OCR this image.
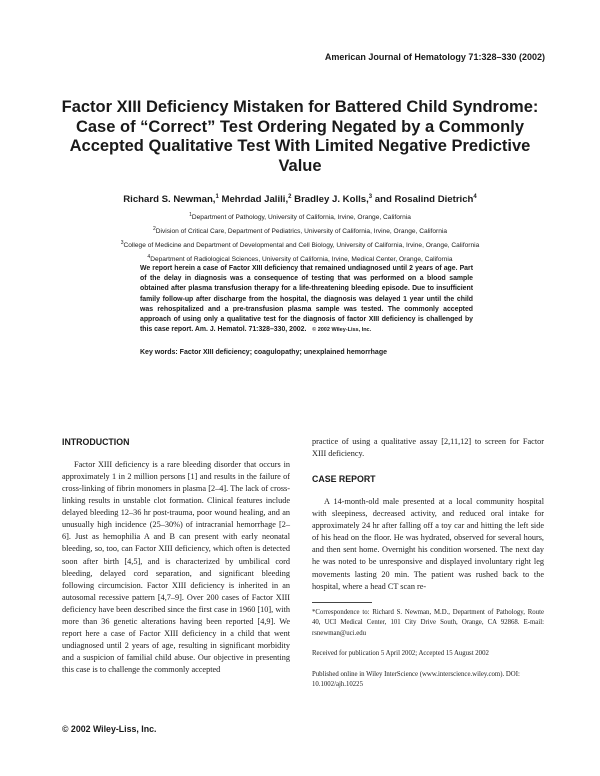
American Journal of Hematology 71:328–330 (2002)
Factor XIII Deficiency Mistaken for Battered Child Syndrome: Case of “Correct” Test Ordering Negated by a Commonly Accepted Qualitative Test With Limited Negative Predictive Value
Richard S. Newman,$^1$ Mehrdad Jalili,$^2$ Bradley J. Kolls,$^3$ and Rosalind Dietrich$^4$
$^1$Department of Pathology, University of California, Irvine, Orange, California
$^2$Division of Critical Care, Department of Pediatrics, University of California, Irvine, Orange, California
$^3$College of Medicine and Department of Developmental and Cell Biology, University of California, Irvine, Orange, California
$^4$Department of Radiological Sciences, University of California, Irvine, Medical Center, Orange, California
We report herein a case of Factor XIII deficiency that remained undiagnosed until 2 years of age. Part of the delay in diagnosis was a consequence of testing that was performed on a blood sample obtained after plasma transfusion therapy for a life-threatening bleeding episode. Due to insufficient family follow-up after discharge from the hospital, the diagnosis was delayed 1 year until the child was rehospitalized and a pre-transfusion plasma sample was tested. The commonly accepted approach of using only a qualitative test for the diagnosis of factor XIII deficiency is challenged by this case report. Am. J. Hematol. 71:328–330, 2002. © 2002 Wiley-Liss, Inc.
Key words: Factor XIII deficiency; coagulopathy; unexplained hemorrhage
INTRODUCTION

Factor XIII deficiency is a rare bleeding disorder that occurs in approximately 1 in 2 million persons [1] and results in the failure of cross-linking of fibrin monomers in plasma [2–4]. The lack of cross-linking results in unstable clot formation. Clinical features include delayed bleeding 12–36 hr post-trauma, poor wound healing, and an unusually high incidence (25–30%) of intracranial hemorrhage [2–6]. Just as hemophilia A and B can present with early neonatal bleeding, so, too, can Factor XIII deficiency, which often is detected soon after birth [4,5], and is characterized by umbilical cord bleeding, delayed cord separation, and significant bleeding following circumcision. Factor XIII deficiency is inherited in an autosomal recessive pattern [4,7–9]. Over 200 cases of Factor XIII deficiency have been described since the first case in 1960 [10], with more than 36 genetic alterations having been reported [4,9]. We report here a case of Factor XIII deficiency in a child that went undiagnosed until 2 years of age, resulting in significant morbidity and a suspicion of familial child abuse. Our objective in presenting this case is to challenge the commonly accepted

practice of using a qualitative assay [2,11,12] to screen for Factor XIII deficiency.

CASE REPORT

A 14-month-old male presented at a local community hospital with sleepiness, decreased activity, and reduced oral intake for approximately 24 hr after falling off a toy car and hitting the left side of his head on the floor. He was hydrated, observed for several hours, and then sent home. Overnight his condition worsened. The next day he was noted to be unresponsive and displayed involuntary right leg movements lasting 20 min. The patient was rushed back to the hospital, where a head CT scan re-

*Correspondence to: Richard S. Newman, M.D., Department of Pathology, Route 40, UCI Medical Center, 101 City Drive South, Orange, CA 92868. E-mail: rsnewman@uci.edu
Received for publication 5 April 2002; Accepted 15 August 2002
Published online in Wiley InterScience (www.interscience.wiley.com). DOI: 10.1002/ajh.10225
© 2002 Wiley-Liss, Inc.
